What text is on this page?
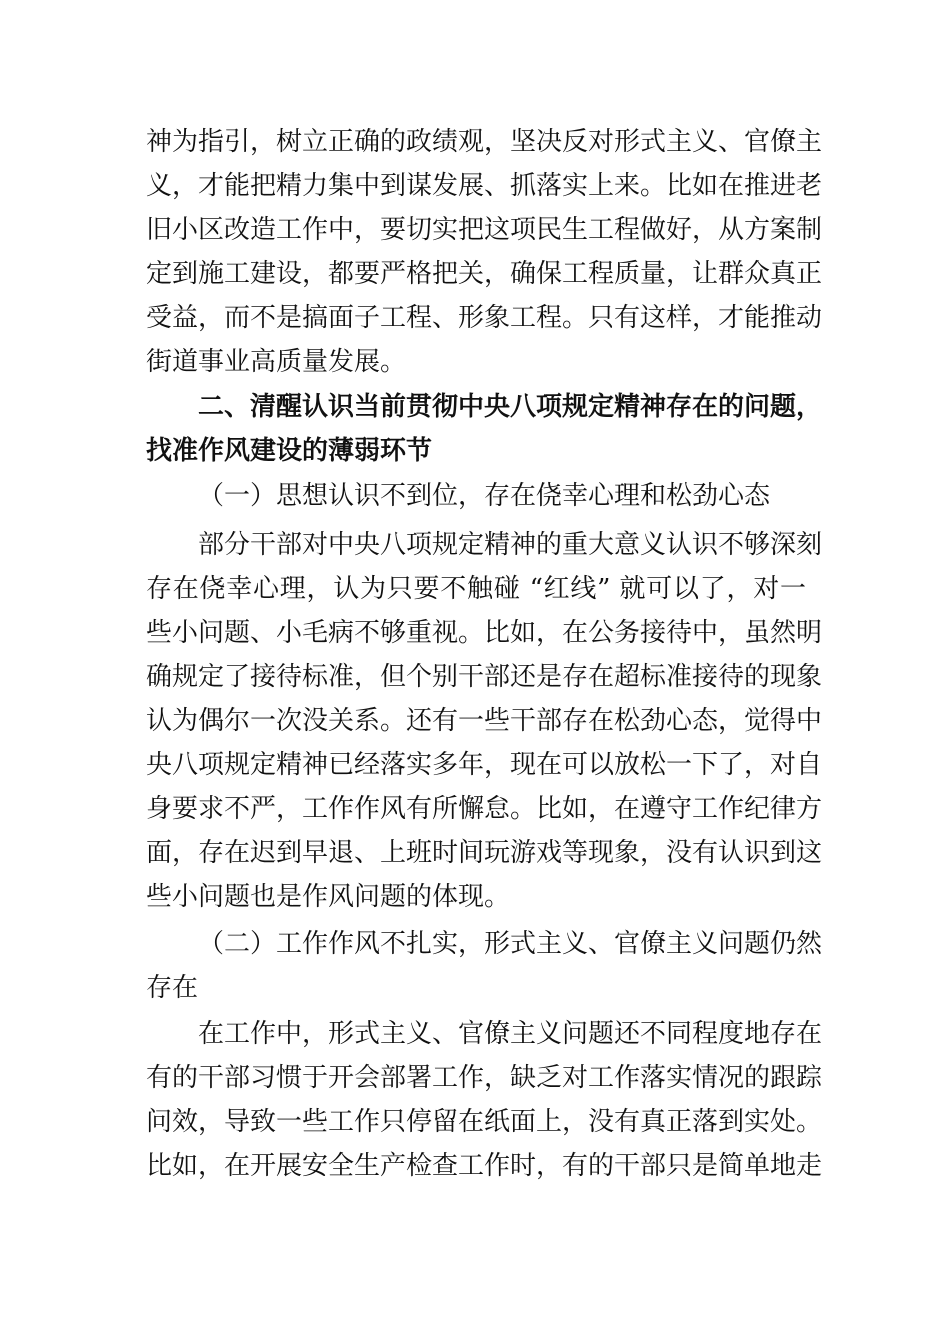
神为指引，树立正确的政绩观，坚决反对形式主义、官僚主
义，才能把精力集中到谋发展、抓落实上来。比如在推进老
旧小区改造工作中，要切实把这项民生工程做好，从方案制
定到施工建设，都要严格把关，确保工程质量，让群众真正
受益，而不是搞面子工程、形象工程。只有这样，才能推动
街道事业高质量发展。
二、清醒认识当前贯彻中央八项规定精神存在的问题，
找准作风建设的薄弱环节
（一）思想认识不到位，存在侥幸心理和松劲心态
部分干部对中央八项规定精神的重大意义认识不够深刻
存在侥幸心理，认为只要不触碰 “红线” 就可以了，对一
些小问题、小毛病不够重视。比如，在公务接待中，虽然明
确规定了接待标准，但个别干部还是存在超标准接待的现象
认为偶尔一次没关系。还有一些干部存在松劲心态，觉得中
央八项规定精神已经落实多年，现在可以放松一下了，对自
身要求不严，工作作风有所懈怠。比如，在遵守工作纪律方
面，存在迟到早退、上班时间玩游戏等现象，没有认识到这
些小问题也是作风问题的体现。
（二）工作作风不扎实，形式主义、官僚主义问题仍然
存在
在工作中，形式主义、官僚主义问题还不同程度地存在
有的干部习惯于开会部署工作，缺乏对工作落实情况的跟踪
问效，导致一些工作只停留在纸面上，没有真正落到实处。
比如，在开展安全生产检查工作时，有的干部只是简单地走
